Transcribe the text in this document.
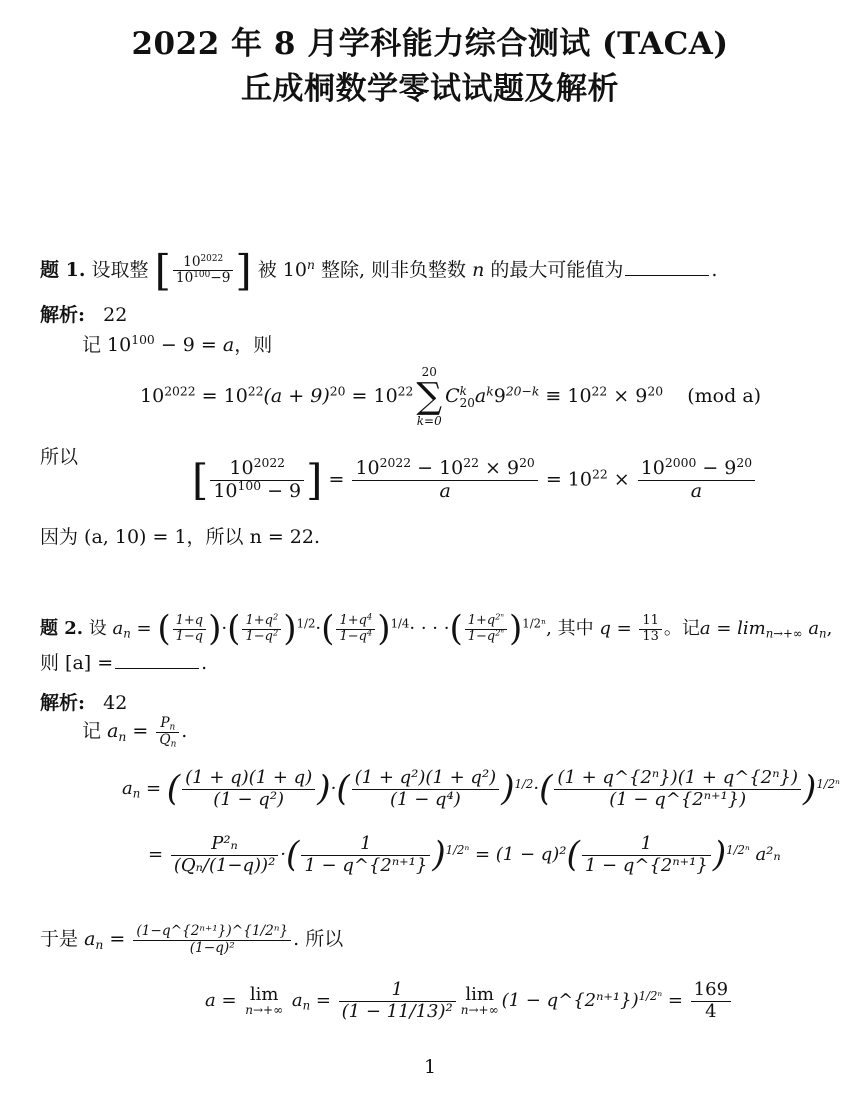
2022 年 8 月学科能力综合测试 (TACA)
丘成桐数学零试试题及解析
题 1. 设取整 [ $\frac{10^{2022}}{10^{100}-9}$ ] 被 10$^n$ 整除, 则非负整数 n 的最大可能值为	.
解析: 22
记 $10^{100} - 9 = a$，则
$10^{2022} = 10^{22}(a + 9)^{20} = 10^{22}20$
∑
k=0C k
20 $a^k9^{20-k} \equiv 10^{22} \times 9^{20}$ (mod a)
所以	[ $\frac{10^{2022}}{10^{100} - 9}$ ] = $\frac{10^{2022} - 10^{22} \times 9^{20}}{a} = 10^{22} \times \frac{10^{2000} - 9^{20}}{a}$
因为 (a, 10) = 1，所以 n = 22.
题 2. 设 $a_n$ = ( $\frac{1+q}{1-q}$ )·( $\frac{1+q^2}{1-q^2} )^{1/2}\cdot( \frac{1+q^4}{1-q^4} )^{1/4}\cdot$ · · ·( $\frac{1+q^{2^n}}{1-q^{2^n}} )^{1/2^n}$, 其中 $q = \frac{11}{13}$ 。记$a = \lim_{n\to+\infty} a_n$,
则 [a] =	.
解析: 42
记 $a_n = \frac{P_n}{Q_n}$ .
$a_n$ = ( $\frac{(1 + q)(1 + q)}{\text{(1 − q²)}}$ )·( $\frac{\text{(1 + q²)(1 + q²)}}{\text{(1 − q⁴)}} )^{1/2}\cdot( \frac{\text{(1 + q\textasciicircum{}\{2ⁿ\})(1 + q\textasciicircum{}\{2ⁿ\})}}{\text{(1 − q\textasciicircum{}\{2ⁿ⁺¹\})}} )^{1/2^n}$
= $\frac{\text{P²ₙ}}{\text{(Qₙ/(1−q))²}}$ ·( $\frac{1}{\text{1 − q\textasciicircum{}\{2ⁿ⁺¹\}}} )^{1/2^n} = (1 - q)^2( \frac{1}{\text{1 − q\textasciicircum{}\{2ⁿ⁺¹\}}} )^{1/2^n}$ a²ₙ
于是 $a_n = \frac{\text{(1−q\textasciicircum{}\{2ⁿ⁺¹\})\textasciicircum{}\{1/2ⁿ\}}}{\text{(1−q)²}}$ . 所以
a = lim
n→+∞ $a_n = \frac{1}{\text{(1 − 11/13)²}}$ lim
n→+∞ (1 − q^{2ⁿ⁺¹})$^{1/2^n}$ = $\frac{169}{4}$
1
